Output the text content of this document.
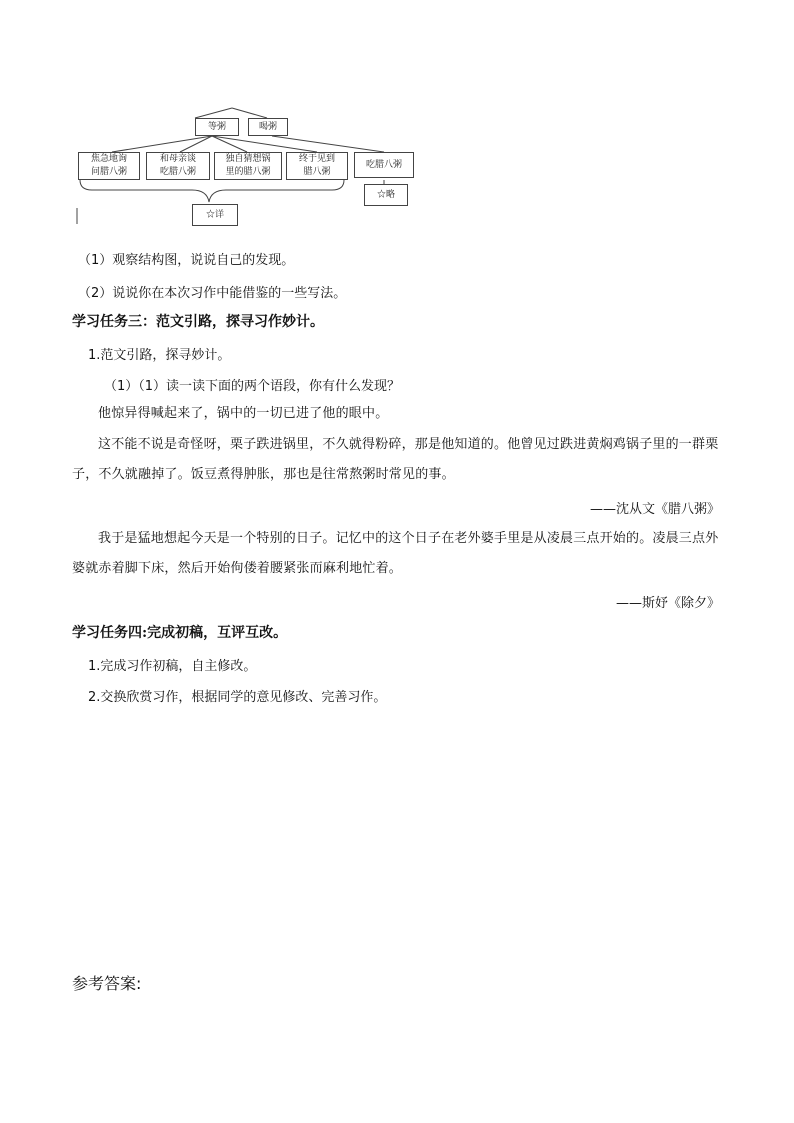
等粥	喝粥
焦急地询
问腊八粥
和母亲谈
吃腊八粥
独自猜想锅
里的腊八粥
终于见到
腊八粥
吃腊八粥
☆详
☆略
（1）观察结构图，说说自己的发现。
（2）说说你在本次习作中能借鉴的一些写法。
学习任务三：范文引路，探寻习作妙计。
1.范文引路，探寻妙计。
（1）（1）读一读下面的两个语段，你有什么发现？
他惊异得喊起来了，锅中的一切已进了他的眼中。
这不能不说是奇怪呀，栗子跌进锅里，不久就得粉碎，那是他知道的。他曾见过跌进黄焖鸡锅子里的一群栗子，不久就融掉了。饭豆煮得肿胀，那也是往常熬粥时常见的事。
——沈从文《腊八粥》
我于是猛地想起今天是一个特别的日子。记忆中的这个日子在老外婆手里是从凌晨三点开始的。凌晨三点外婆就赤着脚下床，然后开始佝偻着腰紧张而麻利地忙着。
——斯妤《除夕》
学习任务四:完成初稿，互评互改。
1.完成习作初稿，自主修改。
2.交换欣赏习作，根据同学的意见修改、完善习作。
参考答案:
